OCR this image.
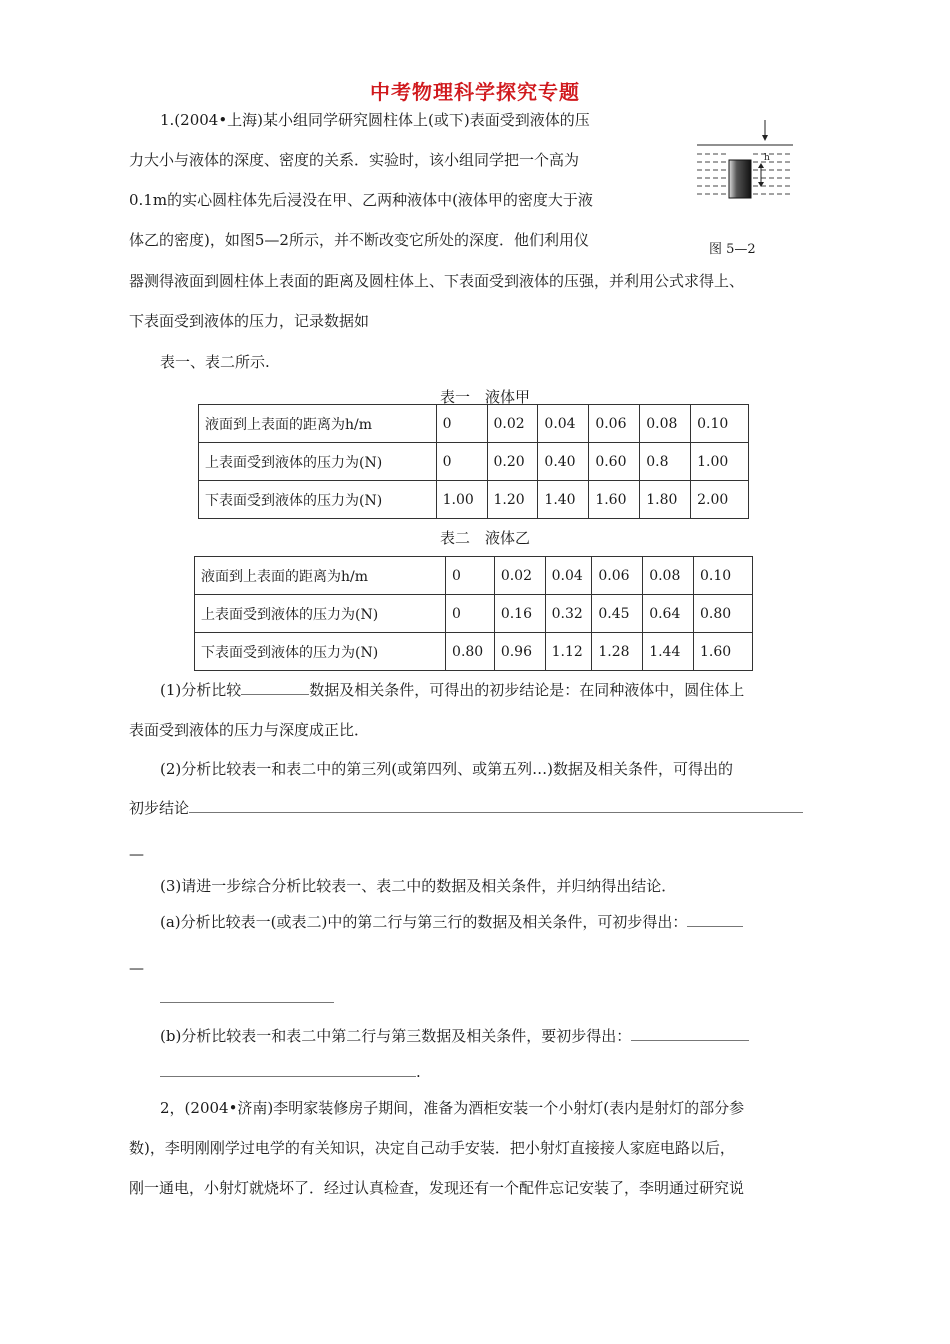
中考物理科学探究专题
1.(2004•上海)某小组同学研究圆柱体上(或下)表面受到液体的压
力大小与液体的深度、密度的关系．实验时，该小组同学把一个高为
0.1m的实心圆柱体先后浸没在甲、乙两种液体中(液体甲的密度大于液
体乙的密度)，如图5—2所示，并不断改变它所处的深度．他们利用仪
器测得液面到圆柱体上表面的距离及圆柱体上、下表面受到液体的压强，并利用公式求得上、
下表面受到液体的压力，记录数据如
表一、表二所示.
h
图 5—2
表一　液体甲
液面到上表面的距离为h/m	0	0.02	0.04	0.06	0.08	0.10
上表面受到液体的压力为(N)	0	0.20	0.40	0.60	0.8	1.00
下表面受到液体的压力为(N)	1.00	1.20	1.40	1.60	1.80	2.00
表二　液体乙
液面到上表面的距离为h/m	0	0.02	0.04	0.06	0.08	0.10
上表面受到液体的压力为(N)	0	0.16	0.32	0.45	0.64	0.80
下表面受到液体的压力为(N)	0.80	0.96	1.12	1.28	1.44	1.60
(1)分析比较	数据及相关条件，可得出的初步结论是：在同种液体中，圆住体上
表面受到液体的压力与深度成正比．
(2)分析比较表一和表二中的第三列(或第四列、或第五列…)数据及相关条件，可得出的
初步结论
—
(3)请进一步综合分析比较表一、表二中的数据及相关条件，并归纳得出结论．
(a)分析比较表一(或表二)中的第二行与第三行的数据及相关条件，可初步得出：
—
(b)分析比较表一和表二中第二行与第三数据及相关条件，要初步得出：
.
2，(2004•济南)李明家装修房子期间，准备为酒柜安装一个小射灯(表内是射灯的部分参
数)，李明刚刚学过电学的有关知识，决定自己动手安装．把小射灯直接接人家庭电路以后，
刚一通电，小射灯就烧坏了．经过认真检查，发现还有一个配件忘记安装了，李明通过研究说
